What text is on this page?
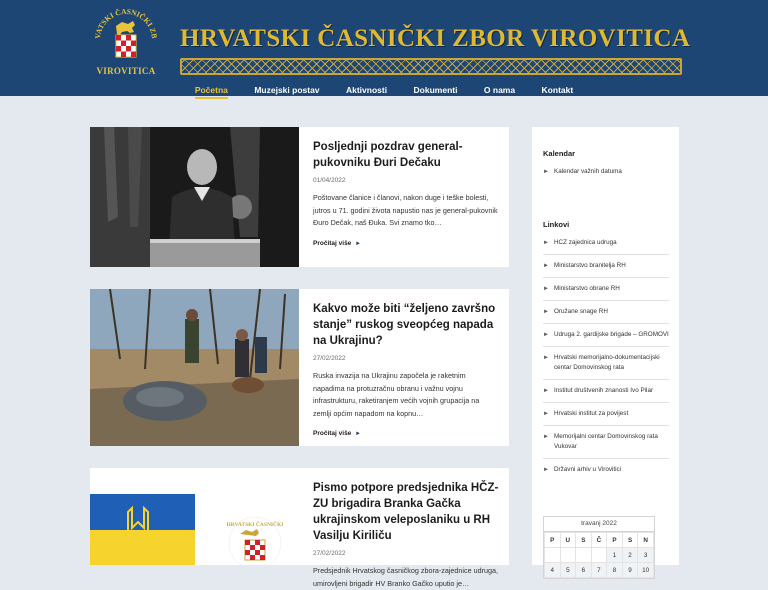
VATSKI ČASNIČKI ZB
VIROVITICA
HRVATSKI ČASNIČKI ZBOR VIROVITICA
Početna	Muzejski postav	Aktivnosti	Dokumenti	O nama	Kontakt
Posljednji pozdrav general-pukovniku Đuri Dečaku
01/04/2022
Poštovane članice i članovi, nakon duge i teške bolesti, jutros u 71. godini života napustio nas je general-pukovnik Đuro Dečak, naš Đuka. Svi znamo tko…
Pročitaj više ►
Kakvo može biti “željeno završno stanje” ruskog sveopćeg napada na Ukrajinu?
27/02/2022
Ruska invazija na Ukrajinu započela je raketnim napadima na protuzračnu obranu i važnu vojnu infrastrukturu, raketiranjem većih vojnih grupacija na zemlji općim napadom na kopnu…
Pročitaj više ►
HRVATSKI ČASNIČKI
Pismo potpore predsjednika HČZ-ZU brigadira Branka Gačka ukrajinskom veleposlaniku u RH Vasilju Kiriliču
27/02/2022
Predsjednik Hrvatskog časničkog zbora-zajednice udruga, umirovljeni brigadir HV Branko Gačko uputio je…
Kalendar
► Kalendar važnih datuma
Linkovi
► HCZ zajednica udruga
► Ministarstvo branitelja RH
► Ministarstvo obrane RH
► Oružane snage RH
► Udruga 2. gardijske brigade – GROMOVI
► Hrvatski memorijalno-dokumentacijski centar Domovinskog rata
► Institut društvenih znanosti Ivo Pilar
► Hrvatski institut za povijest
► Memorijalni centar Domovinskog rata Vukovar
► Državni arhiv u Virovitici
travanj 2022
P	U	S	Č	P	S	N
				1	2	3
4	5	6	7	8	9	10
